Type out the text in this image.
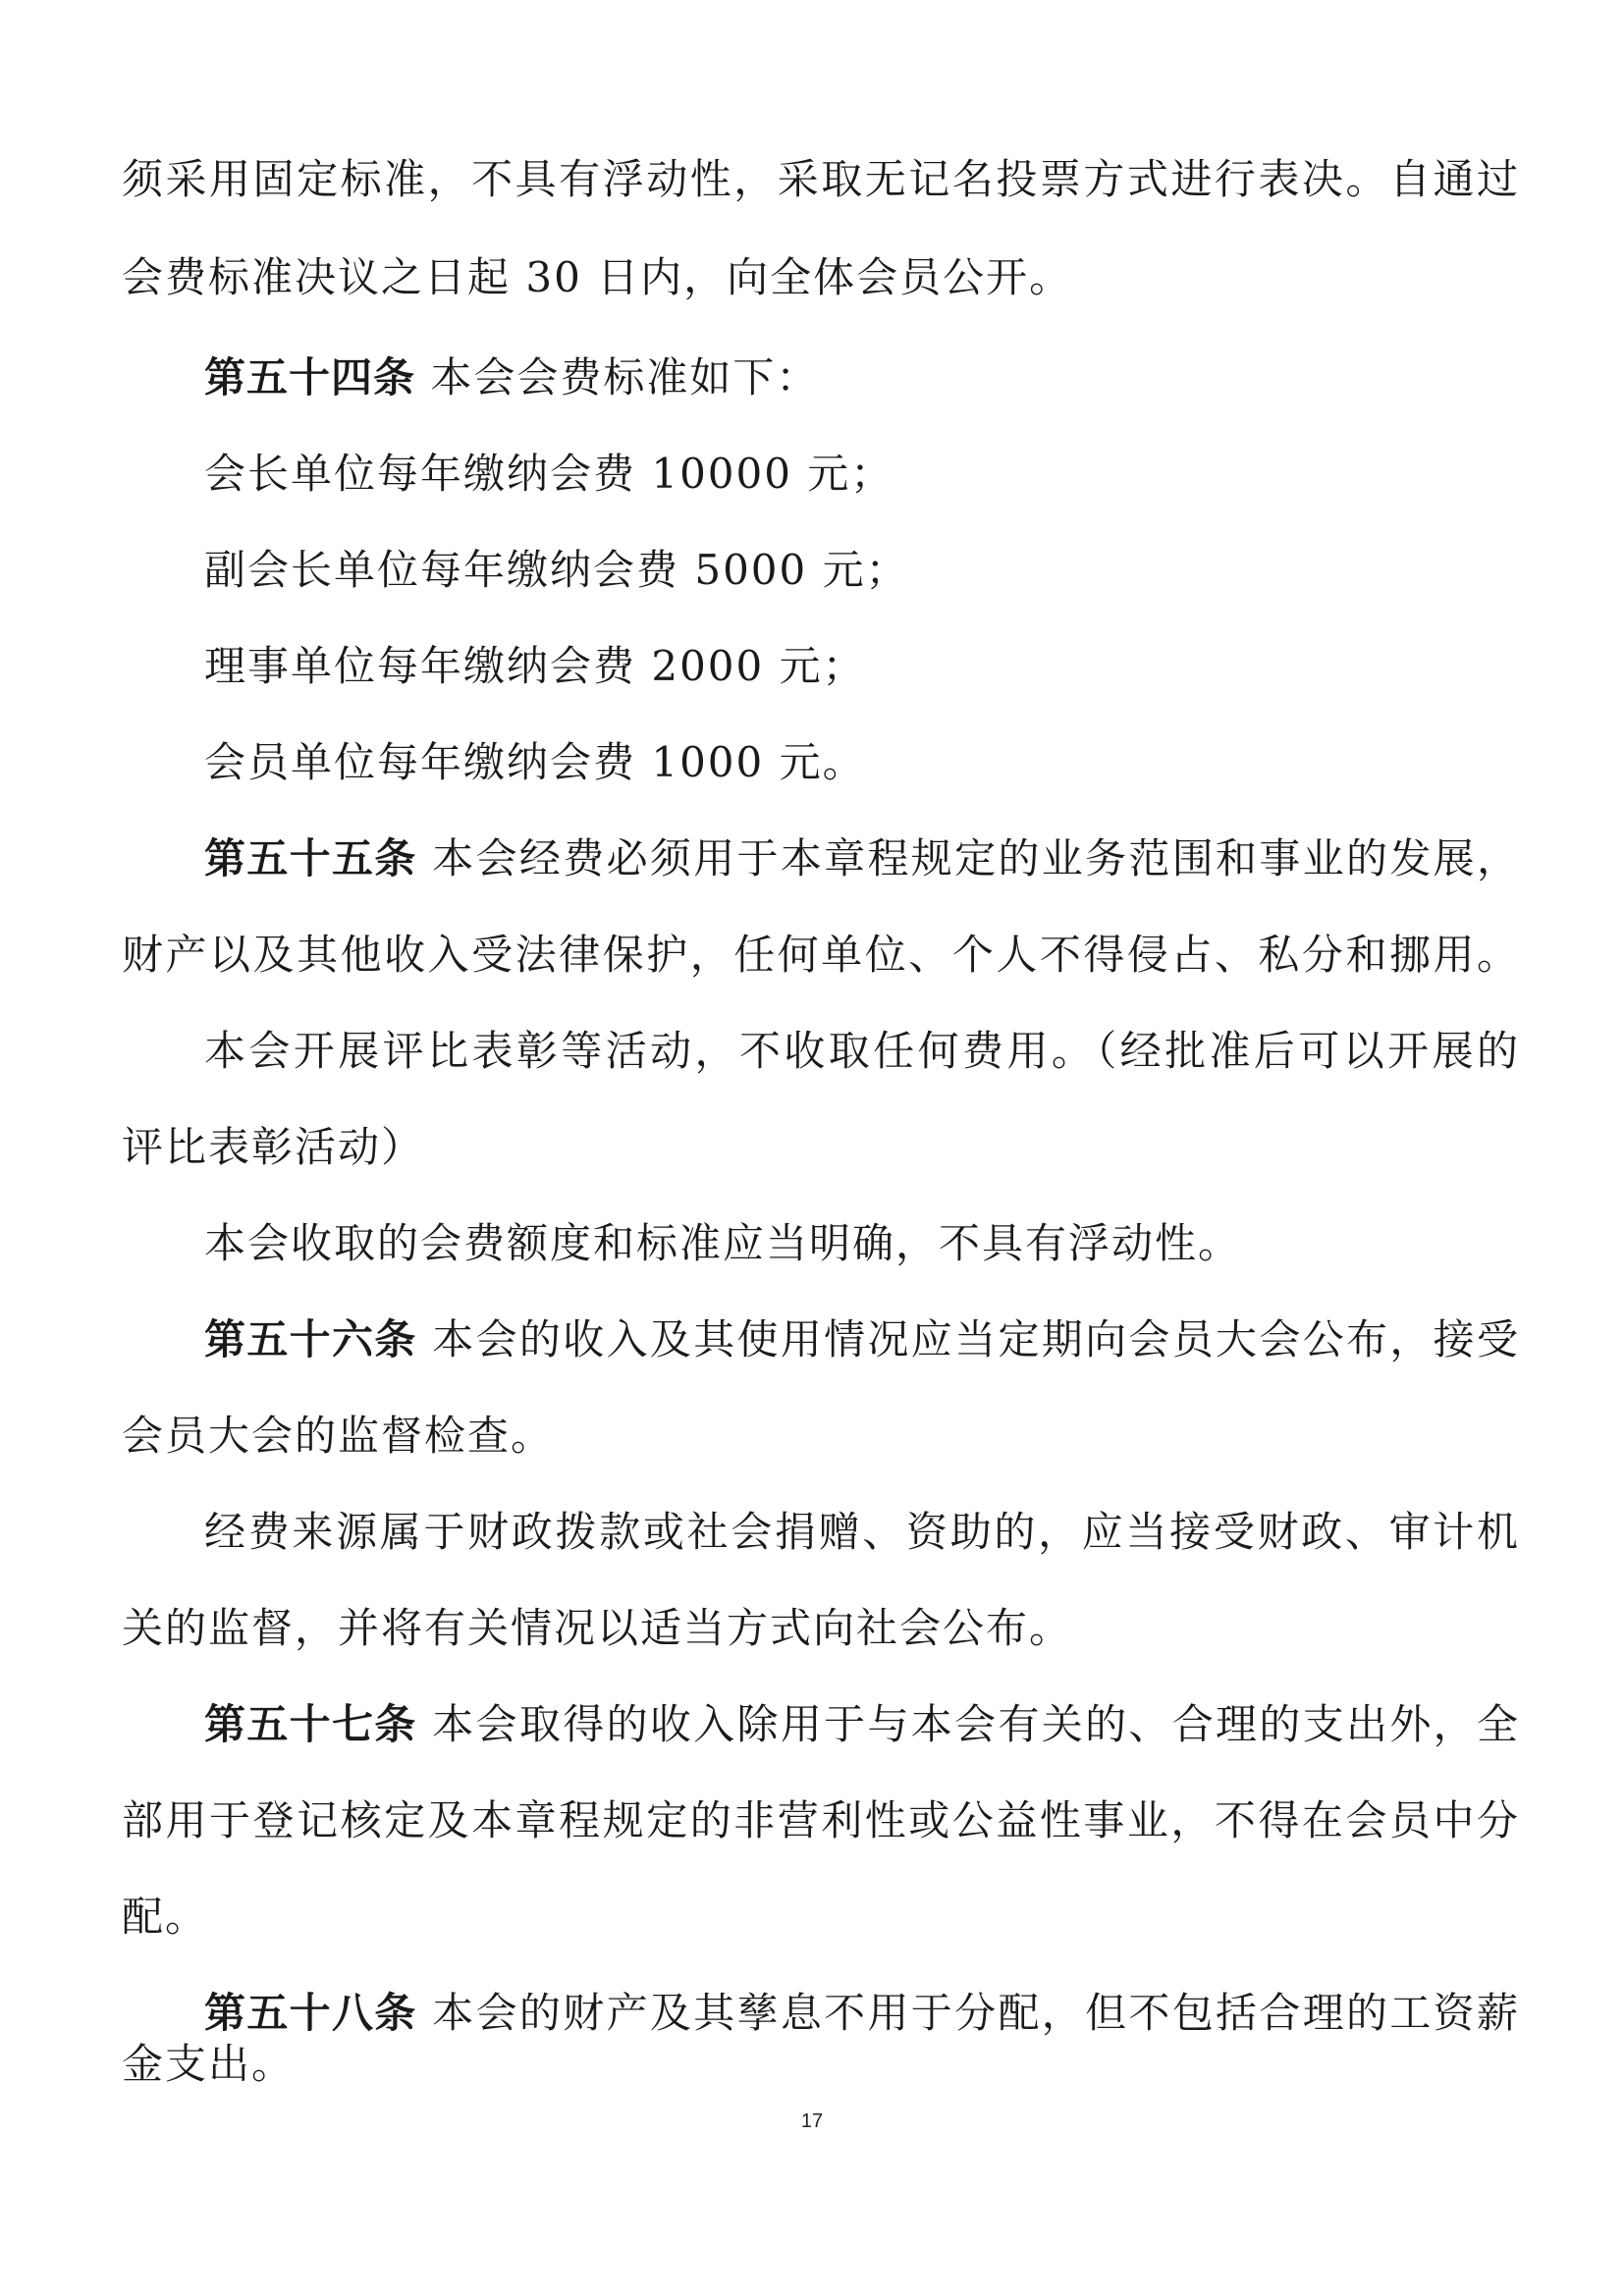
须采用固定标准，不具有浮动性，采取无记名投票方式进行表决。自通过
会费标准决议之日起 30 日内，向全体会员公开。
第五十四条 本会会费标准如下：
会长单位每年缴纳会费 10000 元；
副会长单位每年缴纳会费 5000 元；
理事单位每年缴纳会费 2000 元；
会员单位每年缴纳会费 1000 元。
第五十五条 本会经费必须用于本章程规定的业务范围和事业的发展，
财产以及其他收入受法律保护，任何单位、个人不得侵占、私分和挪用。
本会开展评比表彰等活动，不收取任何费用。（经批准后可以开展的
评比表彰活动）
本会收取的会费额度和标准应当明确，不具有浮动性。
第五十六条 本会的收入及其使用情况应当定期向会员大会公布，接受
会员大会的监督检查。
经费来源属于财政拨款或社会捐赠、资助的，应当接受财政、审计机
关的监督，并将有关情况以适当方式向社会公布。
第五十七条 本会取得的收入除用于与本会有关的、合理的支出外，全
部用于登记核定及本章程规定的非营利性或公益性事业，不得在会员中分
配。
第五十八条 本会的财产及其孳息不用于分配，但不包括合理的工资薪
金支出。
17
